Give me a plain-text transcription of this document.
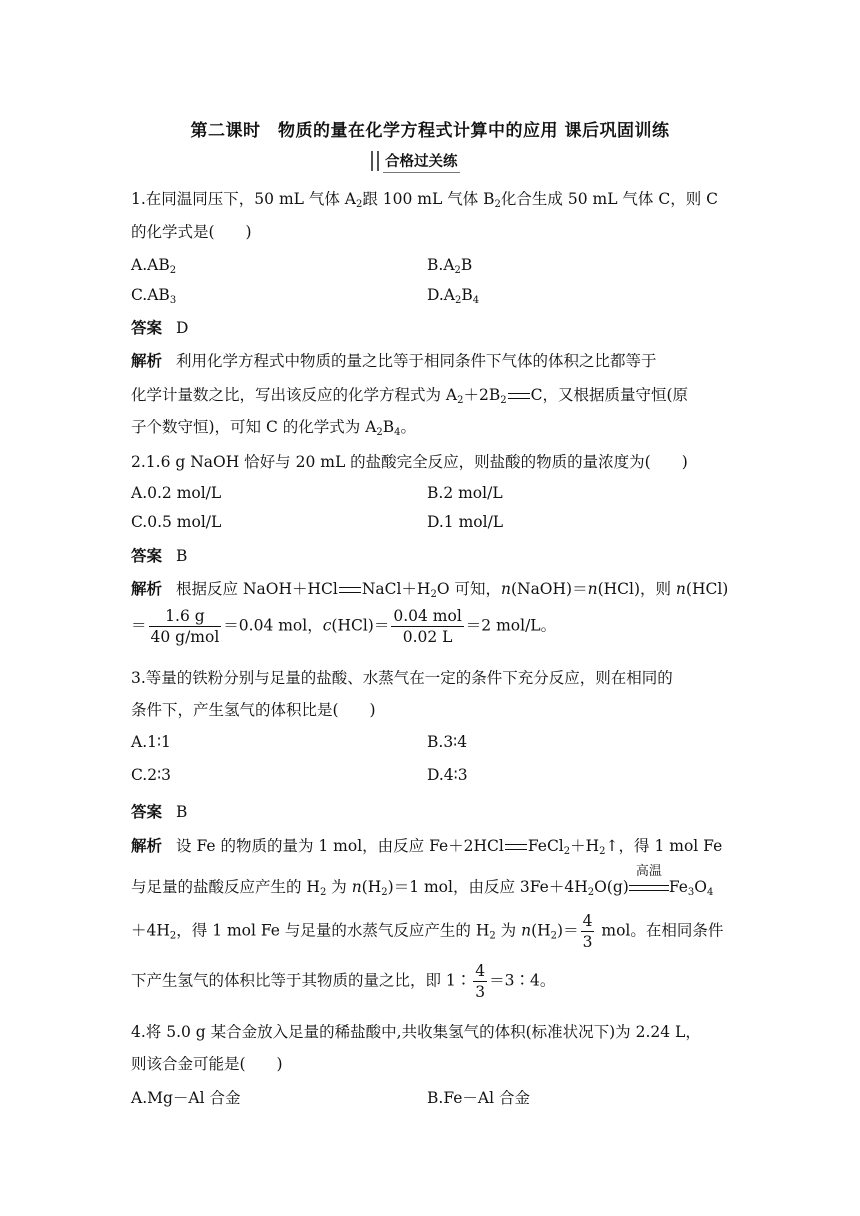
第二课时　物质的量在化学方程式计算中的应用 课后巩固训练
合格过关练
1.在同温同压下，50 mL 气体 $A_2$跟 100 mL 气体 $B_2$化合生成 50 mL 气体 C，则 C
的化学式是(　　)
$A.AB_2$	$B.A_2B$
$C.AB_3$	$D.A_2B_4$
答案 D
解析 利用化学方程式中物质的量之比等于相同条件下气体的体积之比都等于
化学计量数之比，写出该反应的化学方程式为 $A_2+2B_2$ C，又根据质量守恒(原
子个数守恒)，可知 C 的化学式为 $A_2B_4$。
2.1.6 g NaOH 恰好与 20 mL 的盐酸完全反应，则盐酸的物质的量浓度为(　　)
A.0.2 mol/L	B.2 mol/L
C.0.5 mol/L	D.1 mol/L
答案 B
解析 根据反应 NaOH＋HCl $NaCl+H_2O$ 可知，n(NaOH)＝n(HCl)，则 n(HCl)
＝ $\frac{1.6 g}{\text{40 g/mol}} =0.04$ mol，$c(HCl)= \frac{\text{0.04 mol}}{0.02 L} =2$ mol/L。
3.等量的铁粉分别与足量的盐酸、水蒸气在一定的条件下充分反应，则在相同的
条件下，产生氢气的体积比是(　　)
A.1∶1	B.3∶4
C.2∶3	D.4∶3
答案 B
解析 设 Fe 的物质的量为 1 mol，由反应 Fe＋2HCl $FeCl_2+H_2↑$，得 1 mol Fe
与足量的盐酸反应产生的 $H_2$ 为 $n(H_2)=1$ mol，由反应 $3Fe+4H_2O(g)$
高温
$Fe_3O_4$
$+4H_2$，得 1 mol Fe 与足量的水蒸气反应产生的 $H_2$ 为 $n(H_2)= \frac{4}{3}$ mol。在相同条件
下产生氢气的体积比等于其物质的量之比，即 1∶ $\frac{4}{3}$ ＝3∶4。
4.将 5.0 g 某合金放入足量的稀盐酸中,共收集氢气的体积(标准状况下)为 2.24 L，
则该合金可能是(　　)
A.Mg－Al 合金	B.Fe－Al 合金
